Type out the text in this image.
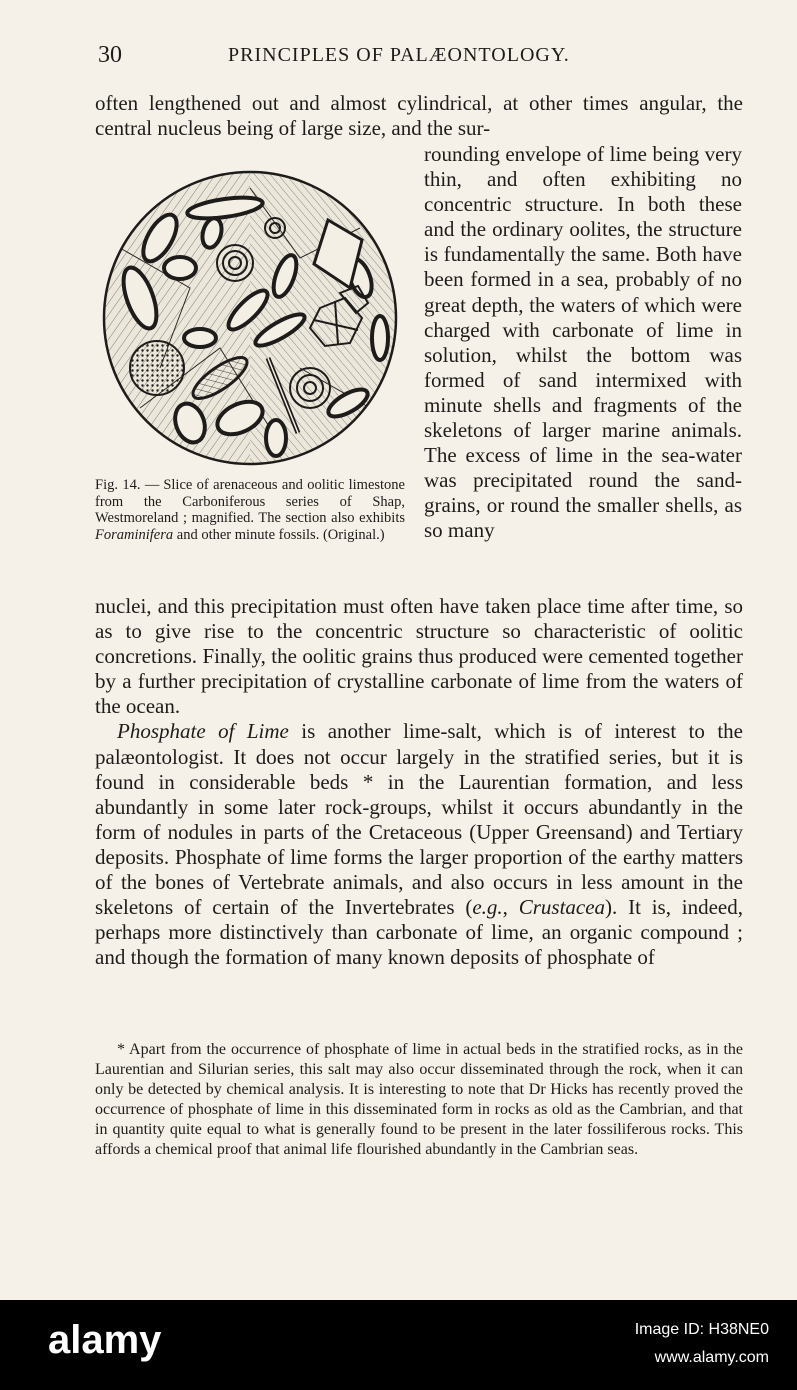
30	PRINCIPLES OF PALÆONTOLOGY.

often lengthened out and almost cylindrical, at other times angular, the central nucleus being of large size, and the sur-

Fig. 14. — Slice of arenaceous and oolitic limestone from the Carboniferous series of Shap, Westmoreland ; magnified. The section also exhibits Foraminifera and other minute fossils. (Original.)

rounding envelope of lime being very thin, and often exhibiting no concentric structure. In both these and the ordinary oolites, the structure is fundamentally the same. Both have been formed in a sea, probably of no great depth, the waters of which were charged with carbonate of lime in solution, whilst the bottom was formed of sand intermixed with minute shells and fragments of the skeletons of larger marine animals. The excess of lime in the sea-water was precipitated round the sand-grains, or round the smaller shells, as so many

nuclei, and this precipitation must often have taken place time after time, so as to give rise to the concentric structure so characteristic of oolitic concretions. Finally, the oolitic grains thus produced were cemented together by a further precipitation of crystalline carbonate of lime from the waters of the ocean.

Phosphate of Lime is another lime-salt, which is of interest to the palæontologist. It does not occur largely in the stratified series, but it is found in considerable beds * in the Laurentian formation, and less abundantly in some later rock-groups, whilst it occurs abundantly in the form of nodules in parts of the Cretaceous (Upper Greensand) and Tertiary deposits. Phosphate of lime forms the larger proportion of the earthy matters of the bones of Vertebrate animals, and also occurs in less amount in the skeletons of certain of the Invertebrates (e.g., Crustacea). It is, indeed, perhaps more distinctively than carbonate of lime, an organic compound ; and though the formation of many known deposits of phosphate of

* Apart from the occurrence of phosphate of lime in actual beds in the stratified rocks, as in the Laurentian and Silurian series, this salt may also occur disseminated through the rock, when it can only be detected by chemical analysis. It is interesting to note that Dr Hicks has recently proved the occurrence of phosphate of lime in this disseminated form in rocks as old as the Cambrian, and that in quantity quite equal to what is generally found to be present in the later fossiliferous rocks. This affords a chemical proof that animal life flourished abundantly in the Cambrian seas.

alamy	Image ID: H38NE0
www.alamy.com
